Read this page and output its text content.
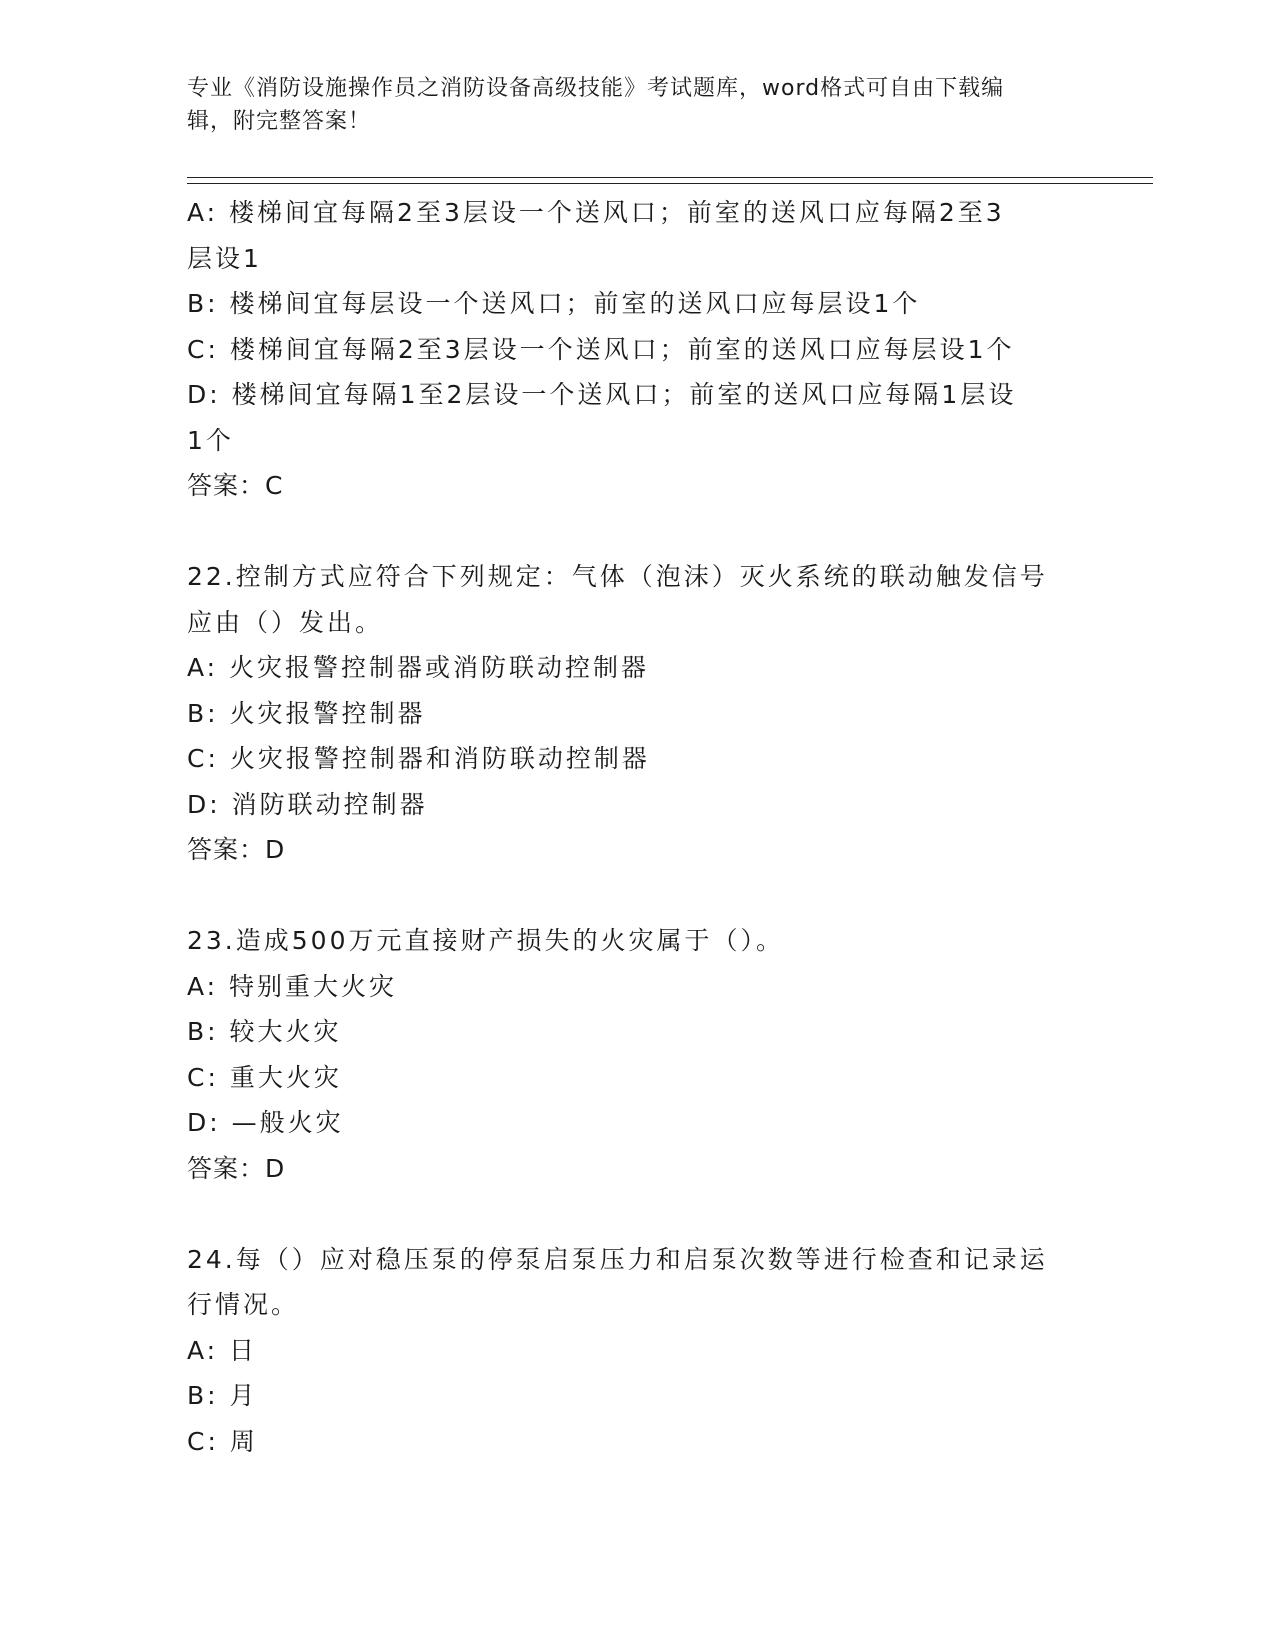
专业《消防设施操作员之消防设备高级技能》考试题库，word格式可自由下载编
辑，附完整答案！
A: 楼梯间宜每隔2至3层设一个送风口；前室的送风口应每隔2至3
层设1
B: 楼梯间宜每层设一个送风口；前室的送风口应每层设1个
C: 楼梯间宜每隔2至3层设一个送风口；前室的送风口应每层设1个
D: 楼梯间宜每隔1至2层设一个送风口；前室的送风口应每隔1层设
1个
答案：C
22.控制方式应符合下列规定：气体（泡沫）灭火系统的联动触发信号
应由（）发出。
A: 火灾报警控制器或消防联动控制器
B: 火灾报警控制器
C: 火灾报警控制器和消防联动控制器
D: 消防联动控制器
答案：D
23.造成500万元直接财产损失的火灾属于（）。
A: 特别重大火灾
B: 较大火灾
C: 重大火灾
D: —般火灾
答案：D
24.每（）应对稳压泵的停泵启泵压力和启泵次数等进行检查和记录运
行情况。
A: 日
B: 月
C: 周
